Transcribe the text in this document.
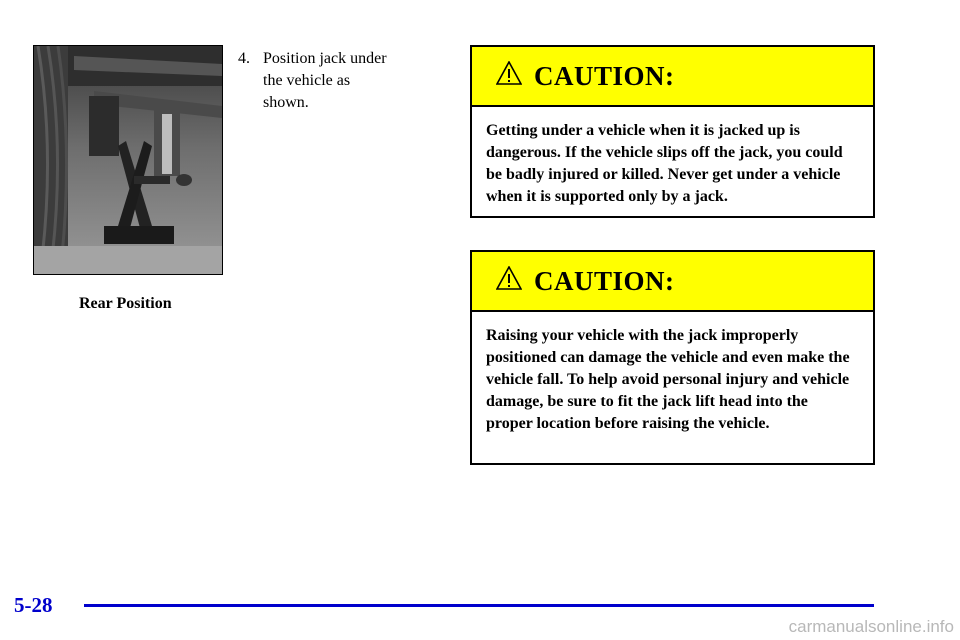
Rear Position
4. Position jack under the vehicle as shown.
CAUTION:
Getting under a vehicle when it is jacked up is dangerous. If the vehicle slips off the jack, you could be badly injured or killed. Never get under a vehicle when it is supported only by a jack.
CAUTION:
Raising your vehicle with the jack improperly positioned can damage the vehicle and even make the vehicle fall. To help avoid personal injury and vehicle damage, be sure to fit the jack lift head into the proper location before raising the vehicle.
5-28
carmanualsonline.info
